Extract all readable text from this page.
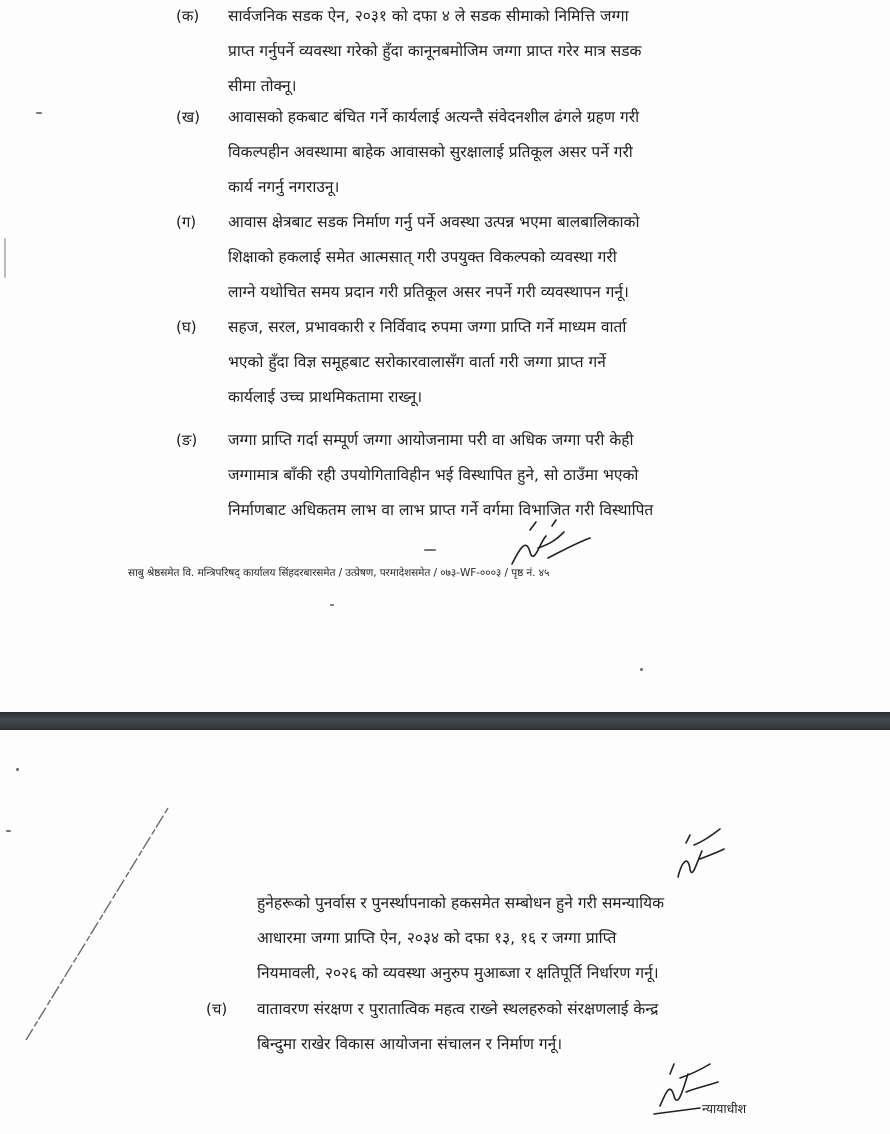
(क) सार्वजनिक सडक ऐन, २०३१ को दफा ४ ले सडक सीमाको निमित्ति जग्गा
प्राप्त गर्नुपर्ने व्यवस्था गरेको हुँदा कानूनबमोजिम जग्गा प्राप्त गरेर मात्र सडक
सीमा तोक्नू।
(ख) आवासको हकबाट बंचित गर्ने कार्यलाई अत्यन्तै संवेदनशील ढंगले ग्रहण गरी
विकल्पहीन अवस्थामा बाहेक आवासको सुरक्षालाई प्रतिकूल असर पर्ने गरी
कार्य नगर्नु नगराउनू।
(ग) आवास क्षेत्रबाट सडक निर्माण गर्नु पर्ने अवस्था उत्पन्न भएमा बालबालिकाको
शिक्षाको हकलाई समेत आत्मसात् गरी उपयुक्त विकल्पको व्यवस्था गरी
लाग्ने यथोचित समय प्रदान गरी प्रतिकूल असर नपर्ने गरी व्यवस्थापन गर्नू।
(घ) सहज, सरल, प्रभावकारी र निर्विवाद रुपमा जग्गा प्राप्ति गर्ने माध्यम वार्ता
भएको हुँदा विज्ञ समूहबाट सरोकारवालासँग वार्ता गरी जग्गा प्राप्त गर्ने
कार्यलाई उच्च प्राथमिकतामा राख्नू।
(ङ) जग्गा प्राप्ति गर्दा सम्पूर्ण जग्गा आयोजनामा परी वा अधिक जग्गा परी केही
जग्गामात्र बाँकी रही उपयोगिताविहीन भई विस्थापित हुने, सो ठाउँमा भएको
निर्माणबाट अधिकतम लाभ वा लाभ प्राप्त गर्ने वर्गमा विभाजित गरी विस्थापित
साबु श्रेष्ठसमेत वि. मन्त्रिपरिषद् कार्यालय सिंहदरबारसमेत / उत्प्रेषण, परमादेशसमेत / ०७३-WF-०००३ / पृष्ठ नं. ४५
हुनेहरूको पुनर्वास र पुनर्स्थापनाको हकसमेत सम्बोधन हुने गरी समन्यायिक
आधारमा जग्गा प्राप्ति ऐन, २०३४ को दफा १३, १६ र जग्गा प्राप्ति
नियमावली, २०२६ को व्यवस्था अनुरुप मुआब्जा र क्षतिपूर्ति निर्धारण गर्नू।
(च) वातावरण संरक्षण र पुरातात्विक महत्व राख्ने स्थलहरुको संरक्षणलाई केन्द्र
बिन्दुमा राखेर विकास आयोजना संचालन र निर्माण गर्नू।
न्यायाधीश
